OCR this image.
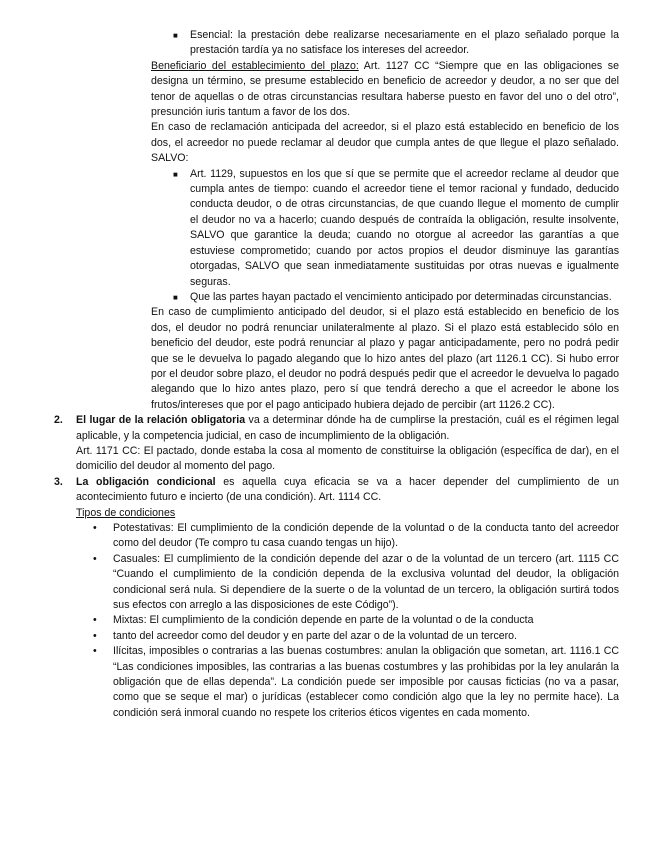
■ Esencial: la prestación debe realizarse necesariamente en el plazo señalado porque la prestación tardía ya no satisface los intereses del acreedor.

Beneficiario del establecimiento del plazo: Art. 1127 CC “Siempre que en las obligaciones se designa un término, se presume establecido en beneficio de acreedor y deudor, a no ser que del tenor de aquellas o de otras circunstancias resultara haberse puesto en favor del uno o del otro”, presunción iuris tantum a favor de los dos.

En caso de reclamación anticipada del acreedor, si el plazo está establecido en beneficio de los dos, el acreedor no puede reclamar al deudor que cumpla antes de que llegue el plazo señalado. SALVO:

■ Art. 1129, supuestos en los que sí que se permite que el acreedor reclame al deudor que cumpla antes de tiempo: cuando el acreedor tiene el temor racional y fundado, deducido conducta deudor, o de otras circunstancias, de que cuando llegue el momento de cumplir el deudor no va a hacerlo; cuando después de contraída la obligación, resulte insolvente, SALVO que garantice la deuda; cuando no otorgue al acreedor las garantías a que estuviese comprometido; cuando por actos propios el deudor disminuye las garantías otorgadas, SALVO que sean inmediatamente sustituidas por otras nuevas e igualmente seguras.

■ Que las partes hayan pactado el vencimiento anticipado por determinadas circunstancias.

En caso de cumplimiento anticipado del deudor, si el plazo está establecido en beneficio de los dos, el deudor no podrá renunciar unilateralmente al plazo. Si el plazo está establecido sólo en beneficio del deudor, este podrá renunciar al plazo y pagar anticipadamente, pero no podrá pedir que se le devuelva lo pagado alegando que lo hizo antes del plazo (art 1126.1 CC). Si hubo error por el deudor sobre plazo, el deudor no podrá después pedir que el acreedor le devuelva lo pagado alegando que lo hizo antes plazo, pero sí que tendrá derecho a que el acreedor le abone los frutos/intereses que por el pago anticipado hubiera dejado de percibir (art 1126.2 CC).

2. El lugar de la relación obligatoria va a determinar dónde ha de cumplirse la prestación, cuál es el régimen legal aplicable, y la competencia judicial, en caso de incumplimiento de la obligación.

Art. 1171 CC: El pactado, donde estaba la cosa al momento de constituirse la obligación (específica de dar), en el domicilio del deudor al momento del pago.

3. La obligación condicional es aquella cuya eficacia se va a hacer depender del cumplimiento de un acontecimiento futuro e incierto (de una condición). Art. 1114 CC.

Tipos de condiciones

• Potestativas: El cumplimiento de la condición depende de la voluntad o de la conducta tanto del acreedor como del deudor (Te compro tu casa cuando tengas un hijo).

• Casuales: El cumplimiento de la condición depende del azar o de la voluntad de un tercero (art. 1115 CC “Cuando el cumplimiento de la condición dependa de la exclusiva voluntad del deudor, la obligación condicional será nula. Si dependiere de la suerte o de la voluntad de un tercero, la obligación surtirá todos sus efectos con arreglo a las disposiciones de este Código”).

• Mixtas: El cumplimiento de la condición depende en parte de la voluntad o de la conducta

• tanto del acreedor como del deudor y en parte del azar o de la voluntad de un tercero.

• Ilícitas, imposibles o contrarias a las buenas costumbres: anulan la obligación que sometan, art. 1116.1 CC “Las condiciones imposibles, las contrarias a las buenas costumbres y las prohibidas por la ley anularán la obligación que de ellas dependa”. La condición puede ser imposible por causas ficticias (no va a pasar, como que se seque el mar) o jurídicas (establecer como condición algo que la ley no permite hace). La condición será inmoral cuando no respete los criterios éticos vigentes en cada momento.
